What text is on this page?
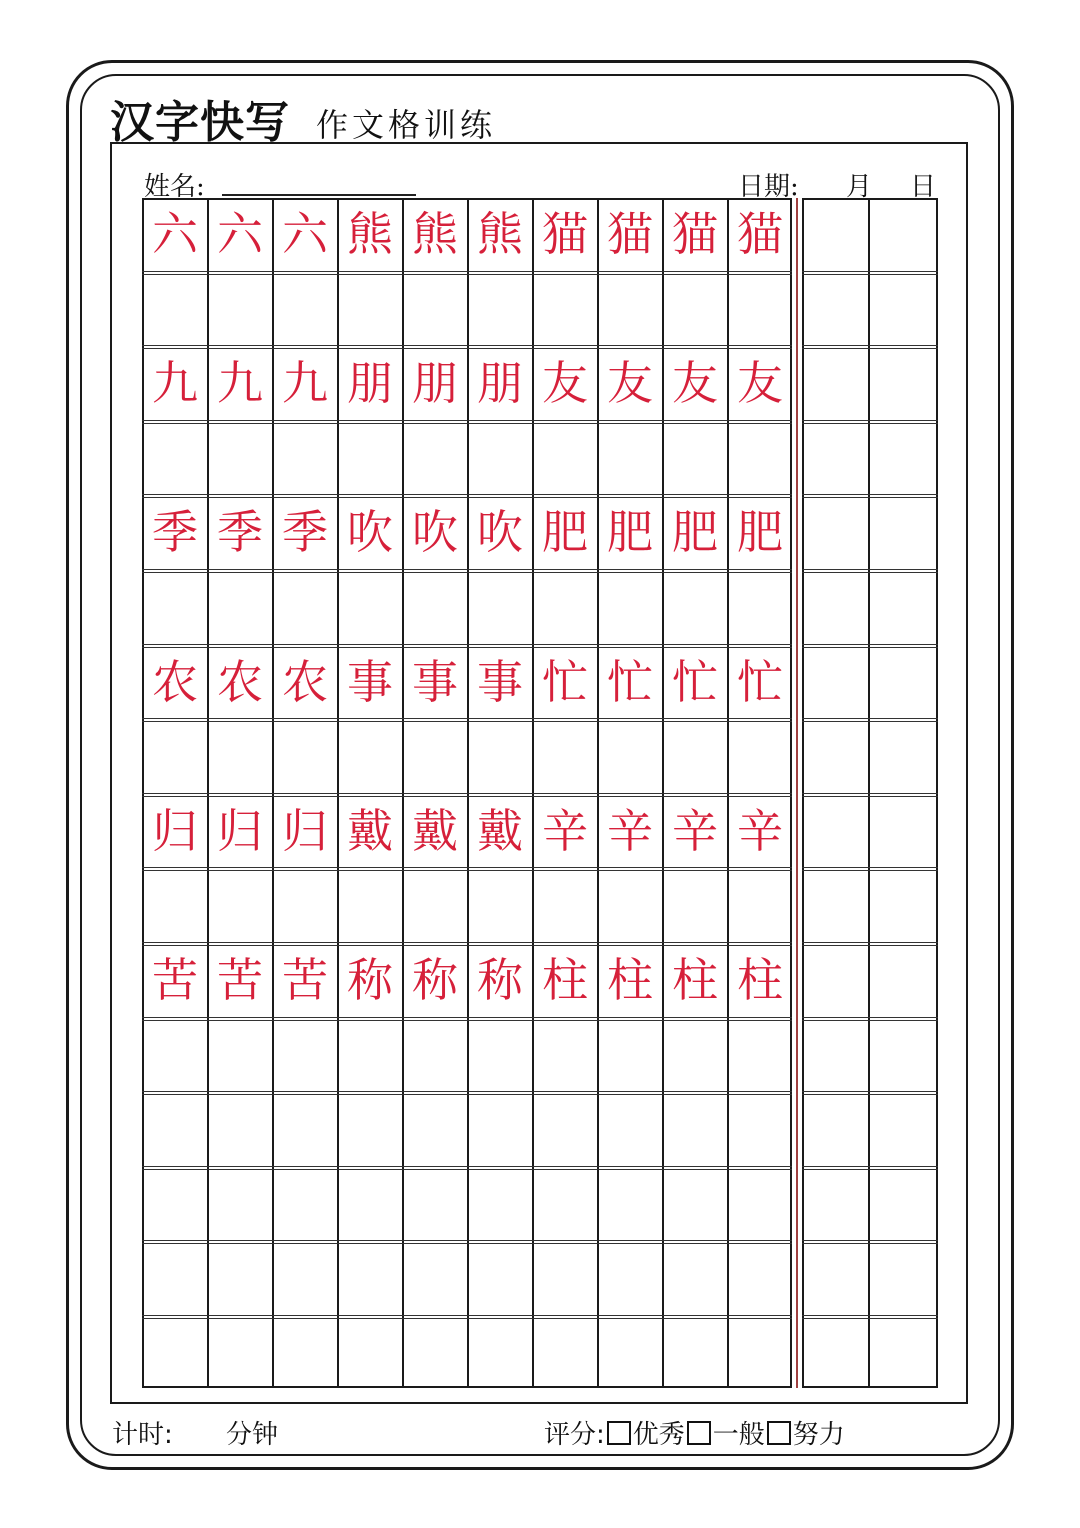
汉字快写 作文格训练
姓名:	日期: 月 日
六 六 六 熊 熊 熊 猫 猫 猫 猫
九 九 九 朋 朋 朋 友 友 友 友
季 季 季 吹 吹 吹 肥 肥 肥 肥
农 农 农 事 事 事 忙 忙 忙 忙
归 归 归 戴 戴 戴 辛 辛 辛 辛
苦 苦 苦 称 称 称 柱 柱 柱 柱
计时: 分钟	评分: 优秀 一般 努力
